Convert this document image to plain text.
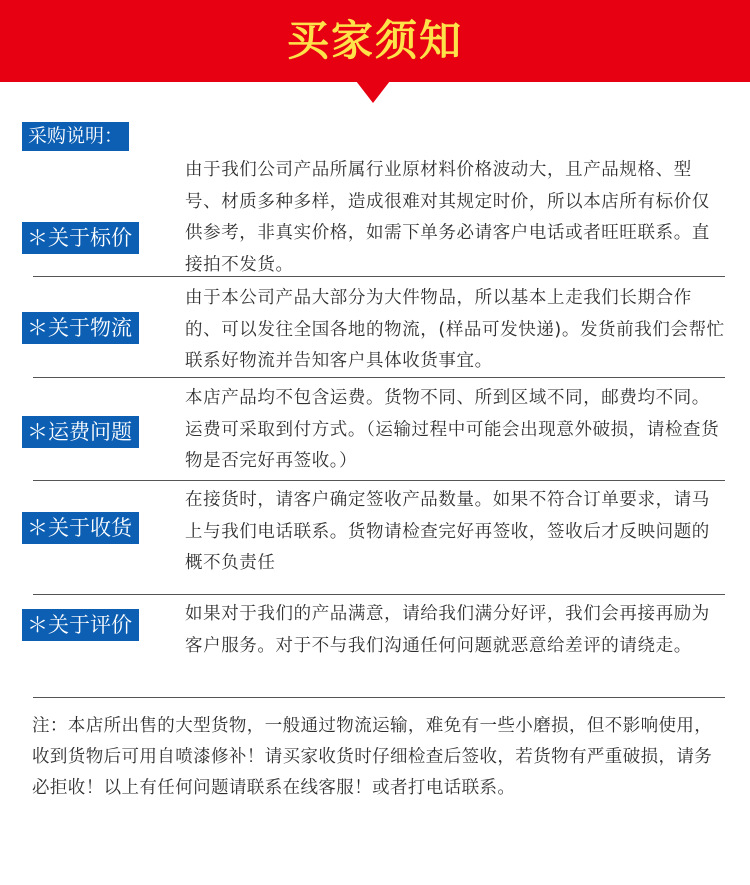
买家须知
采购说明：
＊关于标价
由于我们公司产品所属行业原材料价格波动大，且产品规格、型号、材质多种多样，造成很难对其规定时价，所以本店所有标价仅供参考，非真实价格，如需下单务必请客户电话或者旺旺联系。直接拍不发货。
＊关于物流
由于本公司产品大部分为大件物品，所以基本上走我们长期合作的、可以发往全国各地的物流，(样品可发快递)。发货前我们会帮忙联系好物流并告知客户具体收货事宜。
＊运费问题
本店产品均不包含运费。货物不同、所到区域不同，邮费均不同。运费可采取到付方式。（运输过程中可能会出现意外破损，请检查货物是否完好再签收。）
＊关于收货
在接货时，请客户确定签收产品数量。如果不符合订单要求，请马上与我们电话联系。货物请检查完好再签收，签收后才反映问题的概不负责任
＊关于评价	如果对于我们的产品满意，请给我们满分好评，我们会再接再励为客户服务。对于不与我们沟通任何问题就恶意给差评的请绕走。
注：本店所出售的大型货物，一般通过物流运输，难免有一些小磨损，但不影响使用，收到货物后可用自喷漆修补！请买家收货时仔细检查后签收，若货物有严重破损，请务必拒收！以上有任何问题请联系在线客服！或者打电话联系。
